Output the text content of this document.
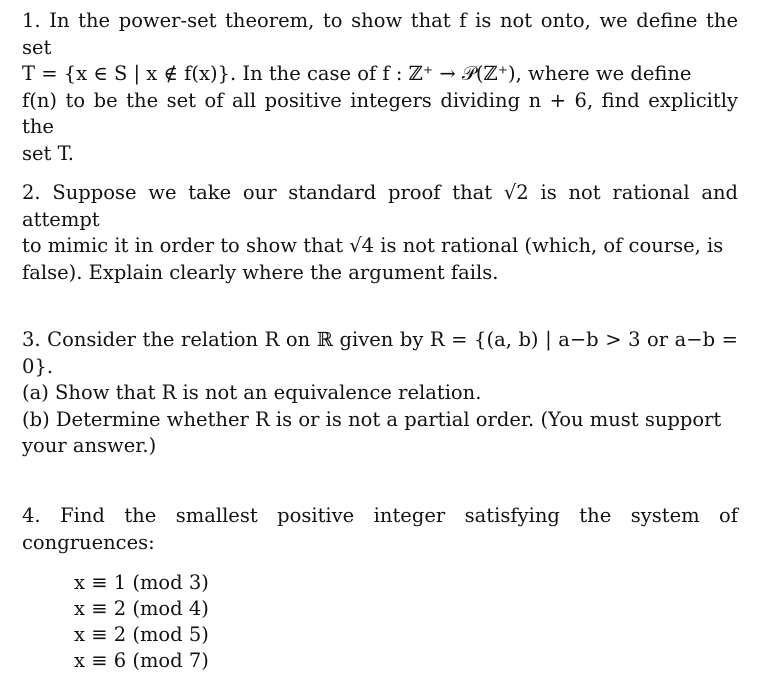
1. In the power-set theorem, to show that f is not onto, we define the set

T = {x ∈ S | x ∉ f(x)}. In the case of f : ℤ⁺ → 𝒫(ℤ⁺), where we define

f(n) to be the set of all positive integers dividing n + 6, find explicitly the

set T.

2. Suppose we take our standard proof that √2 is not rational and attempt

to mimic it in order to show that √4 is not rational (which, of course, is

false). Explain clearly where the argument fails.

3. Consider the relation R on ℝ given by R = {(a, b) | a−b > 3 or a−b = 0}.

(a) Show that R is not an equivalence relation.

(b) Determine whether R is or is not a partial order. (You must support

your answer.)

4. Find the smallest positive integer satisfying the system of congruences:

x ≡ 1 (mod 3)
x ≡ 2 (mod 4)
x ≡ 2 (mod 5)
x ≡ 6 (mod 7)
